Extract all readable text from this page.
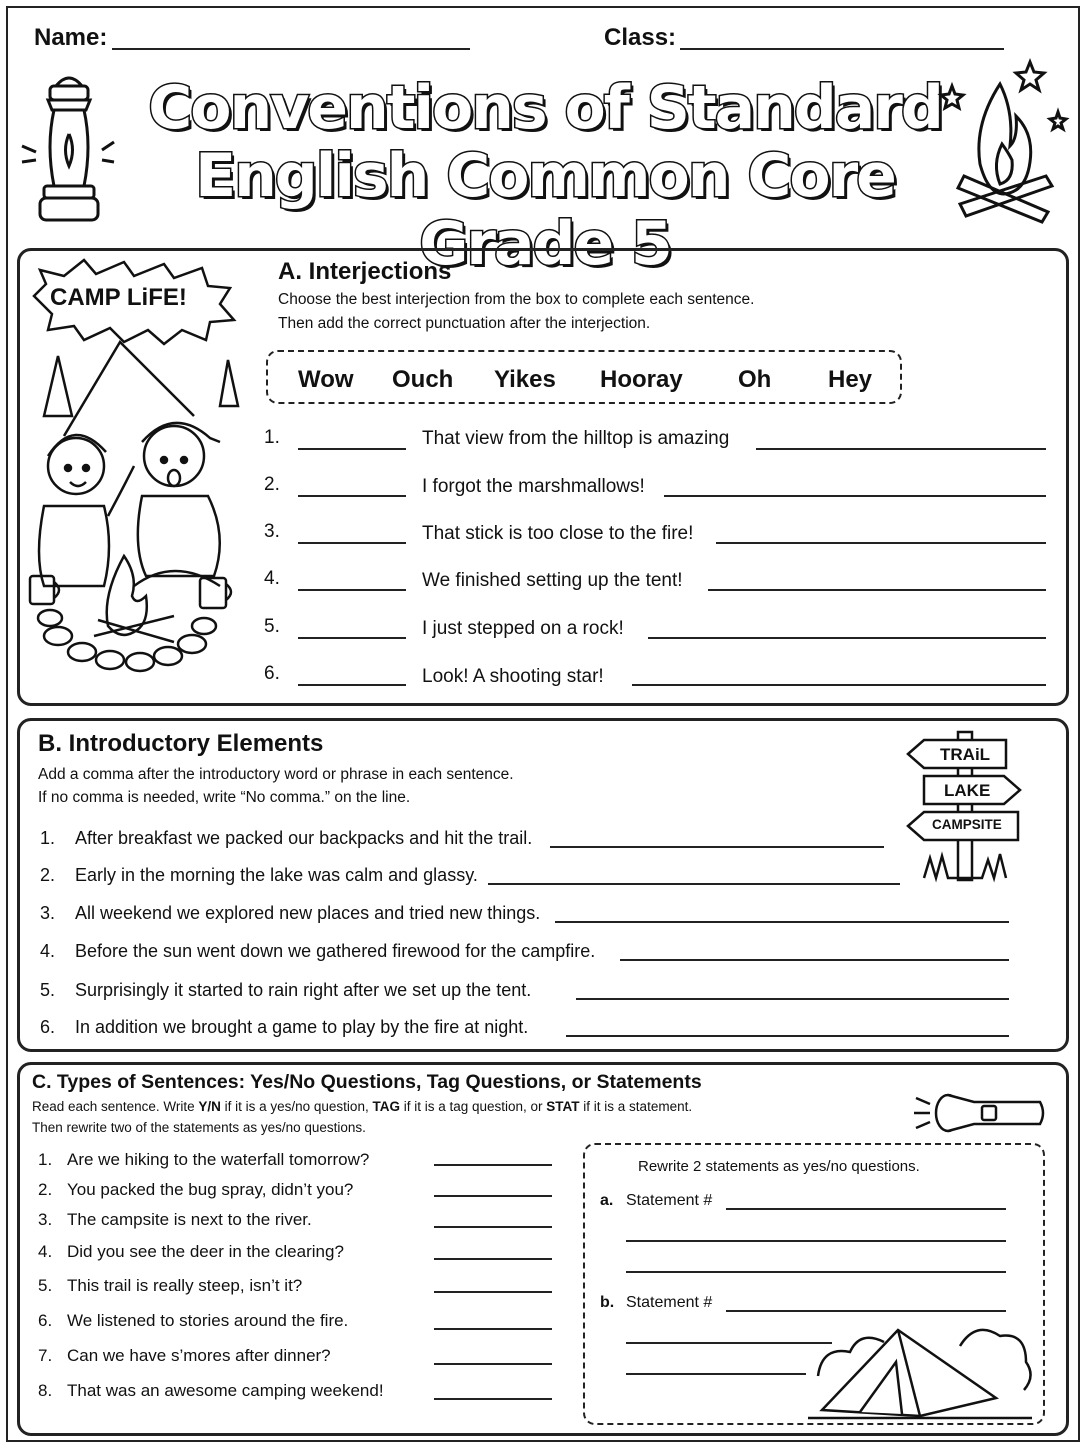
Name:	Class:
Conventions of Standard
English Common Core Grade 5
CAMP LiFE!
A. Interjections
Choose the best interjection from the box to complete each sentence.
Then add the correct punctuation after the interjection.
Wow Ouch Yikes Hooray Oh Hey
1.	That view from the hilltop is amazing
2.	I forgot the marshmallows!
3.	That stick is too close to the fire!
4.	We finished setting up the tent!
5.	I just stepped on a rock!
6.	Look! A shooting star!
B. Introductory Elements
Add a comma after the introductory word or phrase in each sentence.
If no comma is needed, write “No comma.” on the line.
TRAiL
LAKE
CAMPSITE
1. After breakfast we packed our backpacks and hit the trail.
2. Early in the morning the lake was calm and glassy.
3. All weekend we explored new places and tried new things.
4. Before the sun went down we gathered firewood for the campfire.
5. Surprisingly it started to rain right after we set up the tent.
6. In addition we brought a game to play by the fire at night.
C. Types of Sentences: Yes/No Questions, Tag Questions, or Statements
Read each sentence. Write Y/N if it is a yes/no question, TAG if it is a tag question, or STAT if it is a statement.
Then rewrite two of the statements as yes/no questions.
1. Are we hiking to the waterfall tomorrow?
2. You packed the bug spray, didn’t you?
3. The campsite is next to the river.
4. Did you see the deer in the clearing?
5. This trail is really steep, isn’t it?
6. We listened to stories around the fire.
7. Can we have s’mores after dinner?
8. That was an awesome camping weekend!
Rewrite 2 statements as yes/no questions.
a. Statement #
b. Statement #
